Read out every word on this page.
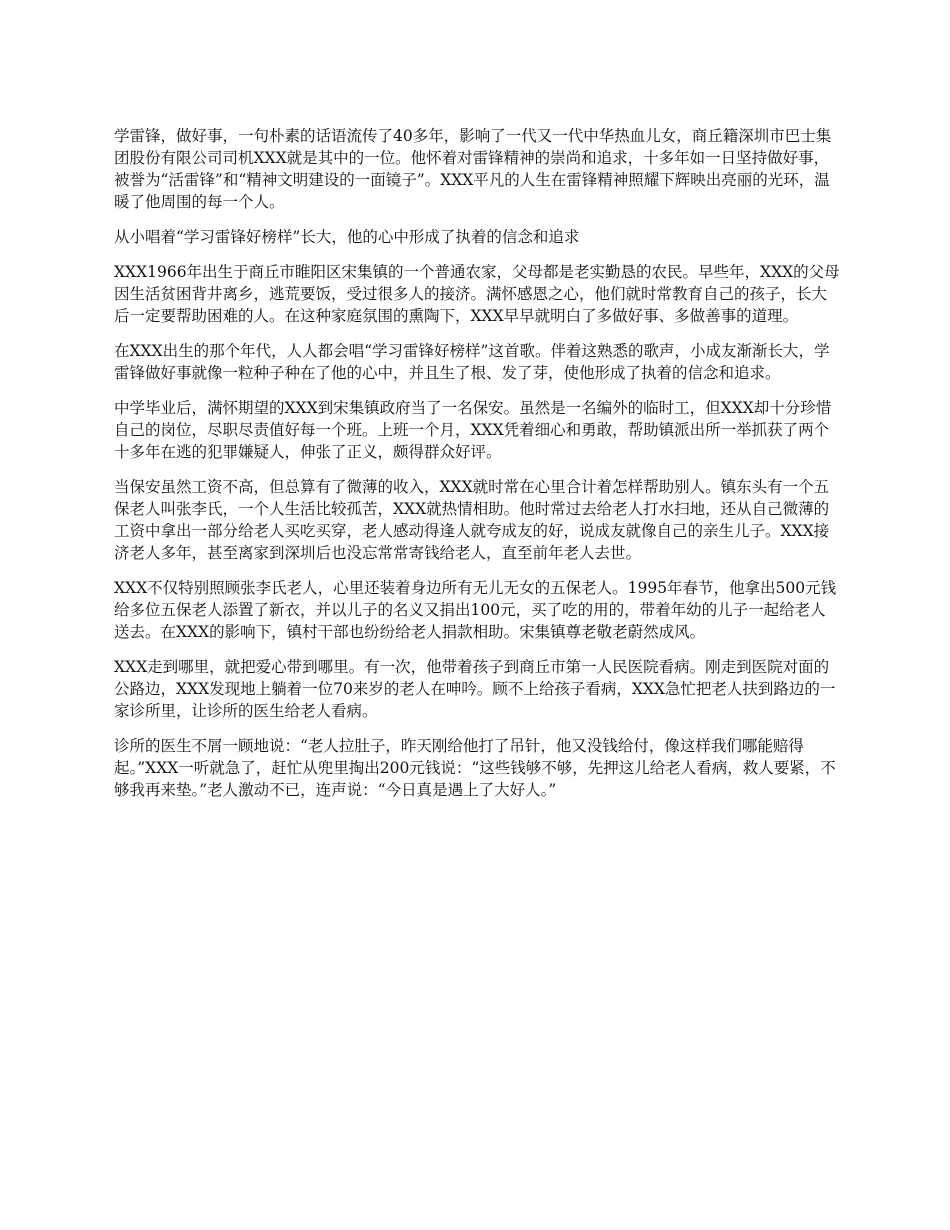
学雷锋，做好事，一句朴素的话语流传了40多年，影响了一代又一代中华热血儿女，商丘籍深圳市巴士集团股份有限公司司机XXX就是其中的一位。他怀着对雷锋精神的崇尚和追求，十多年如一日坚持做好事，被誉为“活雷锋”和“精神文明建设的一面镜子”。XXX平凡的人生在雷锋精神照耀下辉映出亮丽的光环，温暖了他周围的每一个人。

从小唱着“学习雷锋好榜样”长大，他的心中形成了执着的信念和追求

XXX1966年出生于商丘市睢阳区宋集镇的一个普通农家，父母都是老实勤恳的农民。早些年，XXX的父母因生活贫困背井离乡，逃荒要饭，受过很多人的接济。满怀感恩之心，他们就时常教育自己的孩子，长大后一定要帮助困难的人。在这种家庭氛围的熏陶下，XXX早早就明白了多做好事、多做善事的道理。

在XXX出生的那个年代，人人都会唱“学习雷锋好榜样”这首歌。伴着这熟悉的歌声，小成友渐渐长大，学雷锋做好事就像一粒种子种在了他的心中，并且生了根、发了芽，使他形成了执着的信念和追求。

中学毕业后，满怀期望的XXX到宋集镇政府当了一名保安。虽然是一名编外的临时工，但XXX却十分珍惜自己的岗位，尽职尽责值好每一个班。上班一个月，XXX凭着细心和勇敢，帮助镇派出所一举抓获了两个十多年在逃的犯罪嫌疑人，伸张了正义，颇得群众好评。

当保安虽然工资不高，但总算有了微薄的收入，XXX就时常在心里合计着怎样帮助别人。镇东头有一个五保老人叫张李氏，一个人生活比较孤苦，XXX就热情相助。他时常过去给老人打水扫地，还从自己微薄的工资中拿出一部分给老人买吃买穿，老人感动得逢人就夸成友的好，说成友就像自己的亲生儿子。XXX接济老人多年，甚至离家到深圳后也没忘常常寄钱给老人，直至前年老人去世。

XXX不仅特别照顾张李氏老人，心里还装着身边所有无儿无女的五保老人。1995年春节，他拿出500元钱给多位五保老人添置了新衣，并以儿子的名义又捐出100元，买了吃的用的，带着年幼的儿子一起给老人送去。在XXX的影响下，镇村干部也纷纷给老人捐款相助。宋集镇尊老敬老蔚然成风。

XXX走到哪里，就把爱心带到哪里。有一次，他带着孩子到商丘市第一人民医院看病。刚走到医院对面的公路边，XXX发现地上躺着一位70来岁的老人在呻吟。顾不上给孩子看病，XXX急忙把老人扶到路边的一家诊所里，让诊所的医生给老人看病。

诊所的医生不屑一顾地说：“老人拉肚子，昨天刚给他打了吊针，他又没钱给付，像这样我们哪能赔得起。”XXX一听就急了，赶忙从兜里掏出200元钱说：“这些钱够不够，先押这儿给老人看病，救人要紧，不够我再来垫。”老人激动不已，连声说：“今日真是遇上了大好人。”
